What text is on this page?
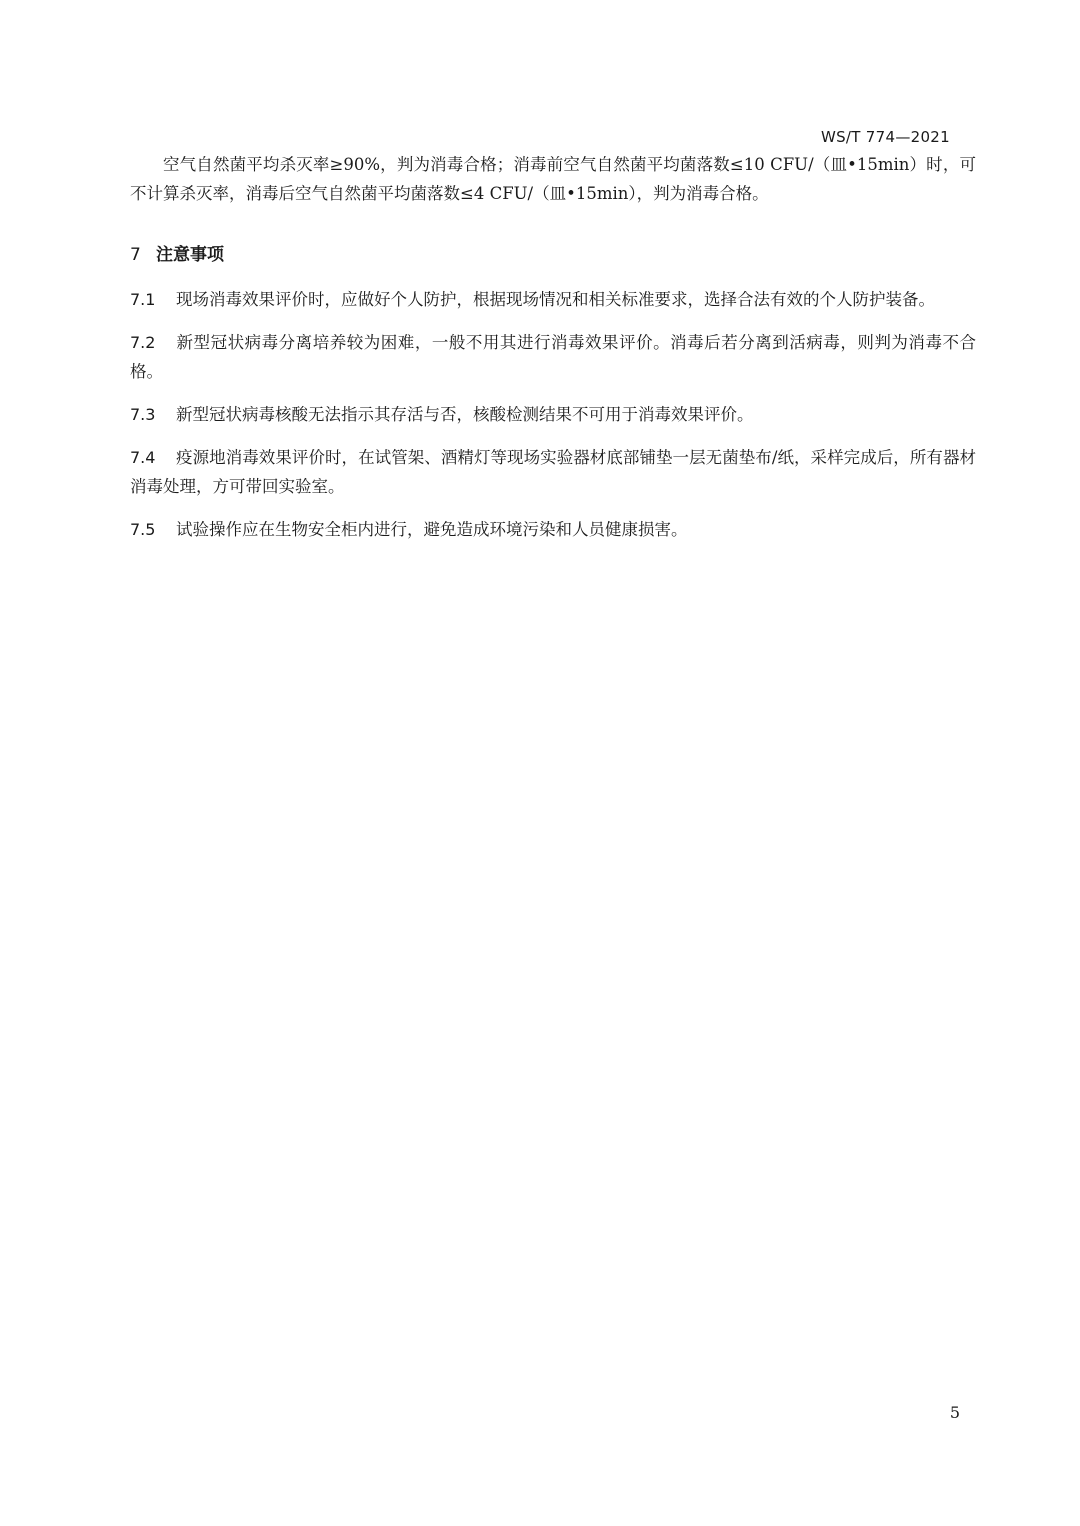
WS/T 774—2021

空气自然菌平均杀灭率≥90%，判为消毒合格；消毒前空气自然菌平均菌落数≤10 CFU/（皿•15min）时，可不计算杀灭率，消毒后空气自然菌平均菌落数≤4 CFU/（皿•15min），判为消毒合格。

7 注意事项
7.1 现场消毒效果评价时，应做好个人防护，根据现场情况和相关标准要求，选择合法有效的个人防护装备。
7.2 新型冠状病毒分离培养较为困难，一般不用其进行消毒效果评价。消毒后若分离到活病毒，则判为消毒不合格。
7.3 新型冠状病毒核酸无法指示其存活与否，核酸检测结果不可用于消毒效果评价。
7.4 疫源地消毒效果评价时，在试管架、酒精灯等现场实验器材底部铺垫一层无菌垫布/纸，采样完成后，所有器材消毒处理，方可带回实验室。
7.5 试验操作应在生物安全柜内进行，避免造成环境污染和人员健康损害。
5
